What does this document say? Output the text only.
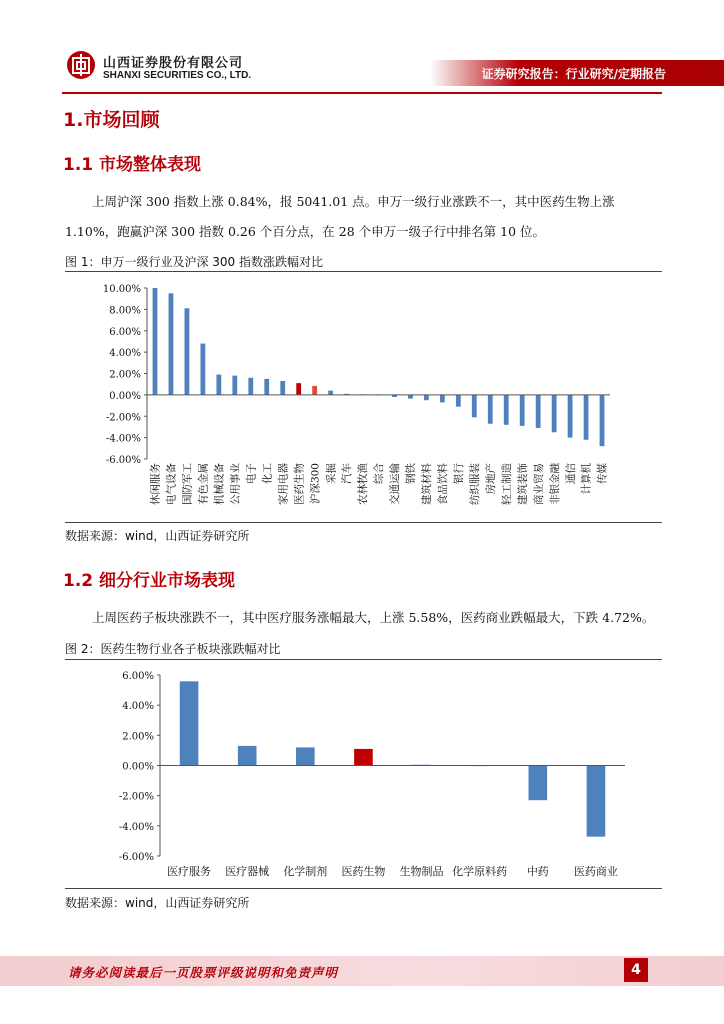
山西证券股份有限公司
SHANXI SECURITIES CO., LTD.	证券研究报告：行业研究/定期报告
1.市场回顾
1.1 市场整体表现
上周沪深 300 指数上涨 0.84%，报 5041.01 点。申万一级行业涨跌不一，其中医药生物上涨 1.10%，跑赢沪深 300 指数 0.26 个百分点，在 28 个申万一级子行中排名第 10 位。
图 1：申万一级行业及沪深 300 指数涨跌幅对比
10.00%
8.00%
6.00%
4.00%
2.00%
0.00%
-2.00%
-4.00%
-6.00%
休闲服务 电气设备 国防军工 有色金属 机械设备 公用事业 电子 化工 家用电器 医药生物 沪深300 采掘 汽车 农林牧渔 综合 交通运输 钢铁 建筑材料 食品饮料 银行 纺织服装 房地产 轻工制造 建筑装饰 商业贸易 非银金融 通信 计算机 传媒
数据来源：wind，山西证券研究所
1.2 细分行业市场表现
上周医药子板块涨跌不一，其中医疗服务涨幅最大，上涨 5.58%，医药商业跌幅最大，下跌 4.72%。
图 2：医药生物行业各子板块涨跌幅对比
6.00%
4.00%
2.00%
0.00%
-2.00%
-4.00%
-6.00%
医疗服务 医疗器械 化学制剂 医药生物 生物制品 化学原料药 中药 医药商业
数据来源：wind，山西证券研究所
请务必阅读最后一页股票评级说明和免责声明	4
